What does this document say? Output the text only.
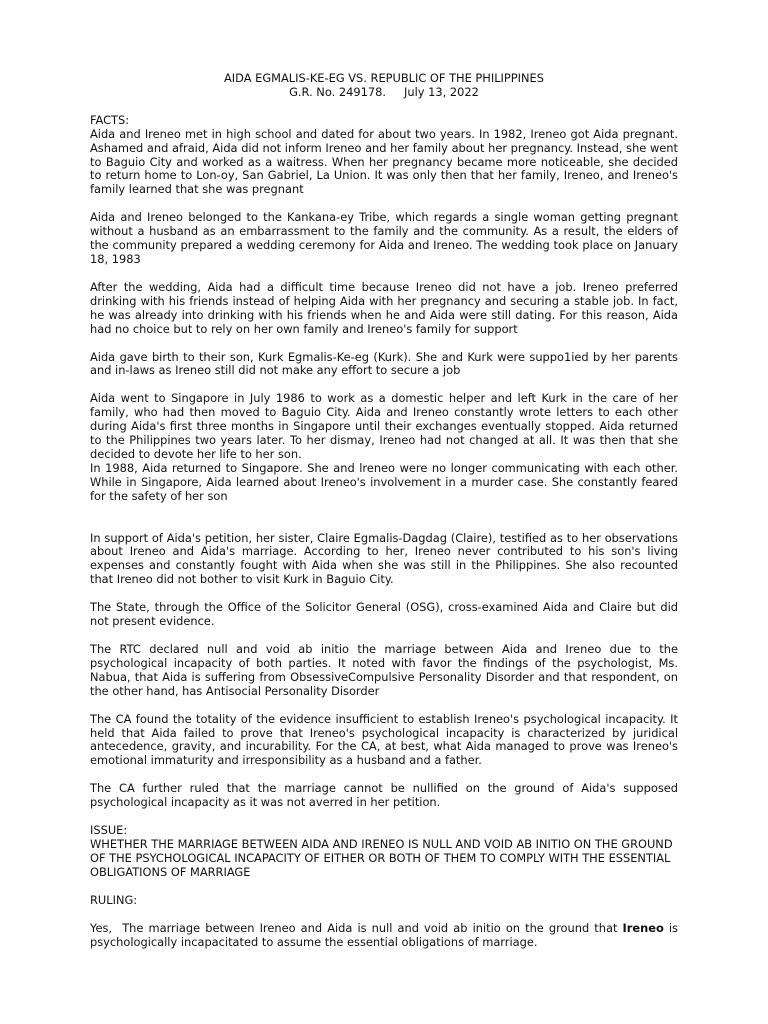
AIDA EGMALIS-KE-EG VS. REPUBLIC OF THE PHILIPPINES
G.R. No. 249178.     July 13, 2022
FACTS:

Aida and Ireneo met in high school and dated for about two years. In 1982, Ireneo got Aida pregnant. Ashamed and afraid, Aida did not inform Ireneo and her family about her pregnancy. Instead, she went to Baguio City and worked as a waitress. When her pregnancy became more noticeable, she decided to return home to Lon-oy, San Gabriel, La Union. It was only then that her family, Ireneo, and Ireneo's family learned that she was pregnant

Aida and Ireneo belonged to the Kankana-ey Tribe, which regards a single woman getting pregnant without a husband as an embarrassment to the family and the community. As a result, the elders of the community prepared a wedding ceremony for Aida and Ireneo. The wedding took place on January 18, 1983

After the wedding, Aida had a difficult time because Ireneo did not have a job. Ireneo preferred drinking with his friends instead of helping Aida with her pregnancy and securing a stable job. In fact, he was already into drinking with his friends when he and Aida were still dating. For this reason, Aida had no choice but to rely on her own family and Ireneo's family for support

Aida gave birth to their son, Kurk Egmalis-Ke-eg (Kurk). She and Kurk were suppo1ied by her parents and in-laws as Ireneo still did not make any effort to secure a job

Aida went to Singapore in July 1986 to work as a domestic helper and left Kurk in the care of her family, who had then moved to Baguio City. Aida and Ireneo constantly wrote letters to each other during Aida's first three months in Singapore until their exchanges eventually stopped. Aida returned to the Philippines two years later. To her dismay, Ireneo had not changed at all. It was then that she decided to devote her life to her son.

In 1988, Aida returned to Singapore. She and lreneo were no longer communicating with each other. While in Singapore, Aida learned about Ireneo's involvement in a murder case. She constantly feared for the safety of her son

In support of Aida's petition, her sister, Claire Egmalis-Dagdag (Claire), testified as to her observations about Ireneo and Aida's marriage. According to her, Ireneo never contributed to his son's living expenses and constantly fought with Aida when she was still in the Philippines. She also recounted that Ireneo did not bother to visit Kurk in Baguio City.

The State, through the Office of the Solicitor General (OSG), cross-examined Aida and Claire but did not present evidence.

The RTC declared null and void ab initio the marriage between Aida and Ireneo due to the psychological incapacity of both parties. It noted with favor the findings of the psychologist, Ms. Nabua, that Aida is suffering from ObsessiveCompulsive Personality Disorder and that respondent, on the other hand, has Antisocial Personality Disorder

The CA found the totality of the evidence insufficient to establish Ireneo's psychological incapacity. It held that Aida failed to prove that Ireneo's psychological incapacity is characterized by juridical antecedence, gravity, and incurability. For the CA, at best, what Aida managed to prove was Ireneo's emotional immaturity and irresponsibility as a husband and a father.

The CA further ruled that the marriage cannot be nullified on the ground of Aida's supposed psychological incapacity as it was not averred in her petition.

ISSUE:

WHETHER THE MARRIAGE BETWEEN AIDA AND IRENEO IS NULL AND VOID AB INITIO ON THE GROUND OF THE PSYCHOLOGICAL INCAPACITY OF EITHER OR BOTH OF THEM TO COMPLY WITH THE ESSENTIAL OBLIGATIONS OF MARRIAGE

RULING:

Yes,  The marriage between Ireneo and Aida is null and void ab initio on the ground that Ireneo is psychologically incapacitated to assume the essential obligations of marriage.
